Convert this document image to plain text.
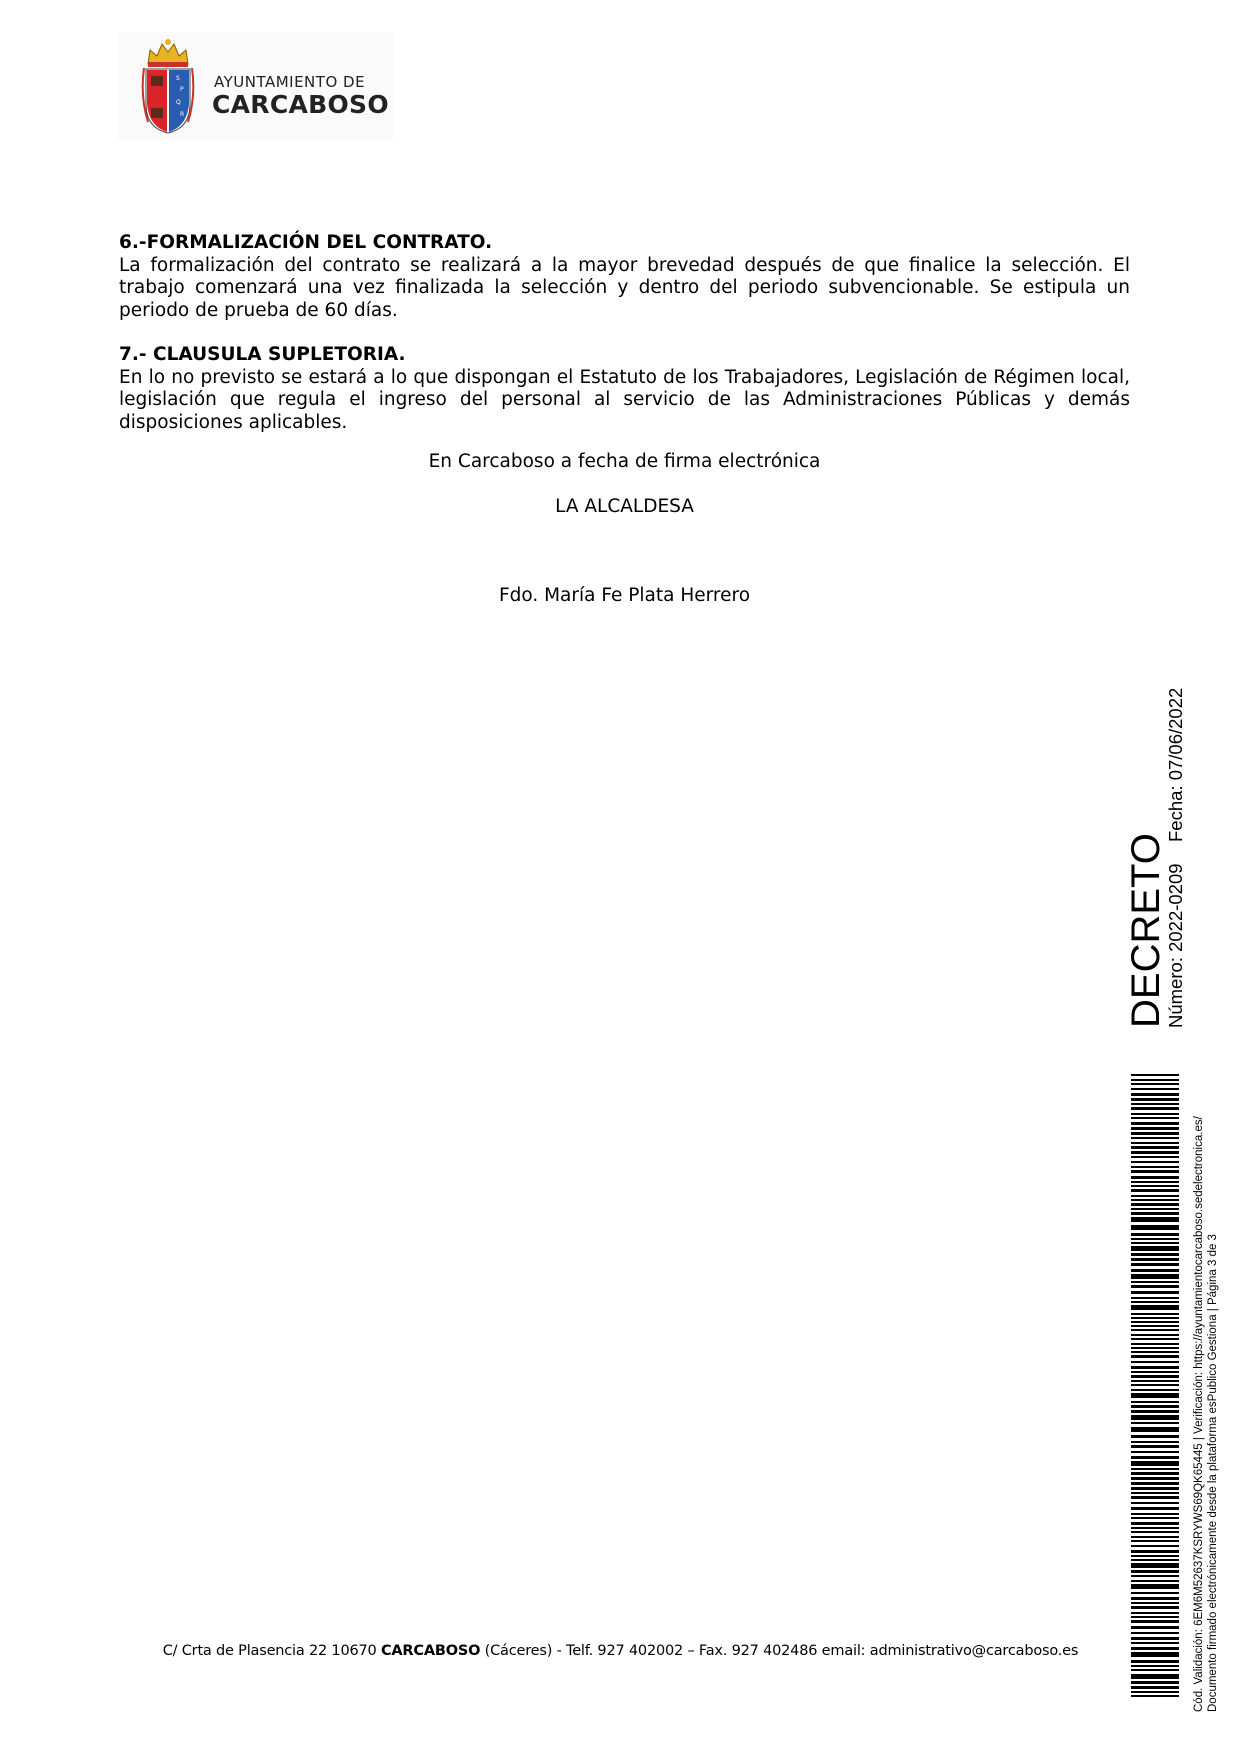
S
P
Q
R
AYUNTAMIENTO DE
CARCABOSO

6.-FORMALIZACIÓN DEL CONTRATO.

La formalización del contrato se realizará a la mayor brevedad después de que finalice la selección. El trabajo comenzará una vez finalizada la selección y dentro del periodo subvencionable. Se estipula un periodo de prueba de 60 días.

7.- CLAUSULA SUPLETORIA.

En lo no previsto se estará a lo que dispongan el Estatuto de los Trabajadores, Legislación de Régimen local, legislación que regula el ingreso del personal al servicio de las Administraciones Públicas y demás disposiciones aplicables.

En Carcaboso a fecha de firma electrónica
LA ALCALDESA
Fdo. María Fe Plata Herrero
C/ Crta de Plasencia 22 10670 CARCABOSO (Cáceres) - Telf. 927 402002 – Fax. 927 402486 email: administrativo@carcaboso.es
DECRETO
Número: 2022-0209
Fecha: 07/06/2022
Cód. Validación: 6EM6M52637KSRYWS69QK65445 | Verificación: https://ayuntamientocarcaboso.sedelectronica.es/ Documento firmado electrónicamente desde la plataforma esPublico Gestiona | Página 3 de 3
